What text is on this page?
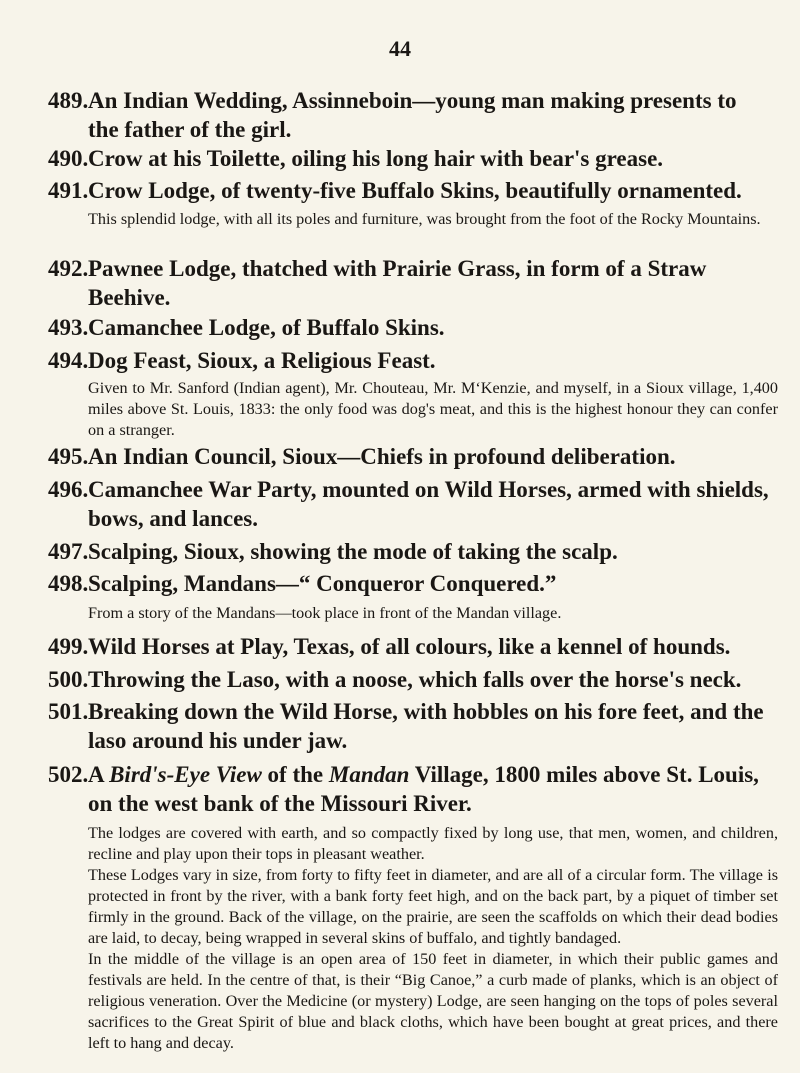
44
489. An Indian Wedding, Assinneboin—young man making presents to the father of the girl.
490. Crow at his Toilette, oiling his long hair with bear's grease.
491. Crow Lodge, of twenty-five Buffalo Skins, beautifully ornamented.

This splendid lodge, with all its poles and furniture, was brought from the foot of the Rocky Mountains.

492. Pawnee Lodge, thatched with Prairie Grass, in form of a Straw Beehive.
493. Camanchee Lodge, of Buffalo Skins.
494. Dog Feast, Sioux, a Religious Feast.

Given to Mr. Sanford (Indian agent), Mr. Chouteau, Mr. M‘Kenzie, and myself, in a Sioux village, 1,400 miles above St. Louis, 1833: the only food was dog's meat, and this is the highest honour they can confer on a stranger.

495. An Indian Council, Sioux—Chiefs in profound deliberation.
496. Camanchee War Party, mounted on Wild Horses, armed with shields, bows, and lances.
497. Scalping, Sioux, showing the mode of taking the scalp.
498. Scalping, Mandans—“ Conqueror Conquered.”

From a story of the Mandans—took place in front of the Mandan village.

499. Wild Horses at Play, Texas, of all colours, like a kennel of hounds.
500. Throwing the Laso, with a noose, which falls over the horse's neck.
501. Breaking down the Wild Horse, with hobbles on his fore feet, and the laso around his under jaw.
502. A Bird's-Eye View of the Mandan Village, 1800 miles above St. Louis, on the west bank of the Missouri River.

The lodges are covered with earth, and so compactly fixed by long use, that men, women, and children, recline and play upon their tops in pleasant weather.

These Lodges vary in size, from forty to fifty feet in diameter, and are all of a circular form. The village is protected in front by the river, with a bank forty feet high, and on the back part, by a piquet of timber set firmly in the ground. Back of the village, on the prairie, are seen the scaffolds on which their dead bodies are laid, to decay, being wrapped in several skins of buffalo, and tightly bandaged.

In the middle of the village is an open area of 150 feet in diameter, in which their public games and festivals are held. In the centre of that, is their “Big Canoe,” a curb made of planks, which is an object of religious veneration. Over the Medicine (or mystery) Lodge, are seen hanging on the tops of poles several sacrifices to the Great Spirit of blue and black cloths, which have been bought at great prices, and there left to hang and decay.
